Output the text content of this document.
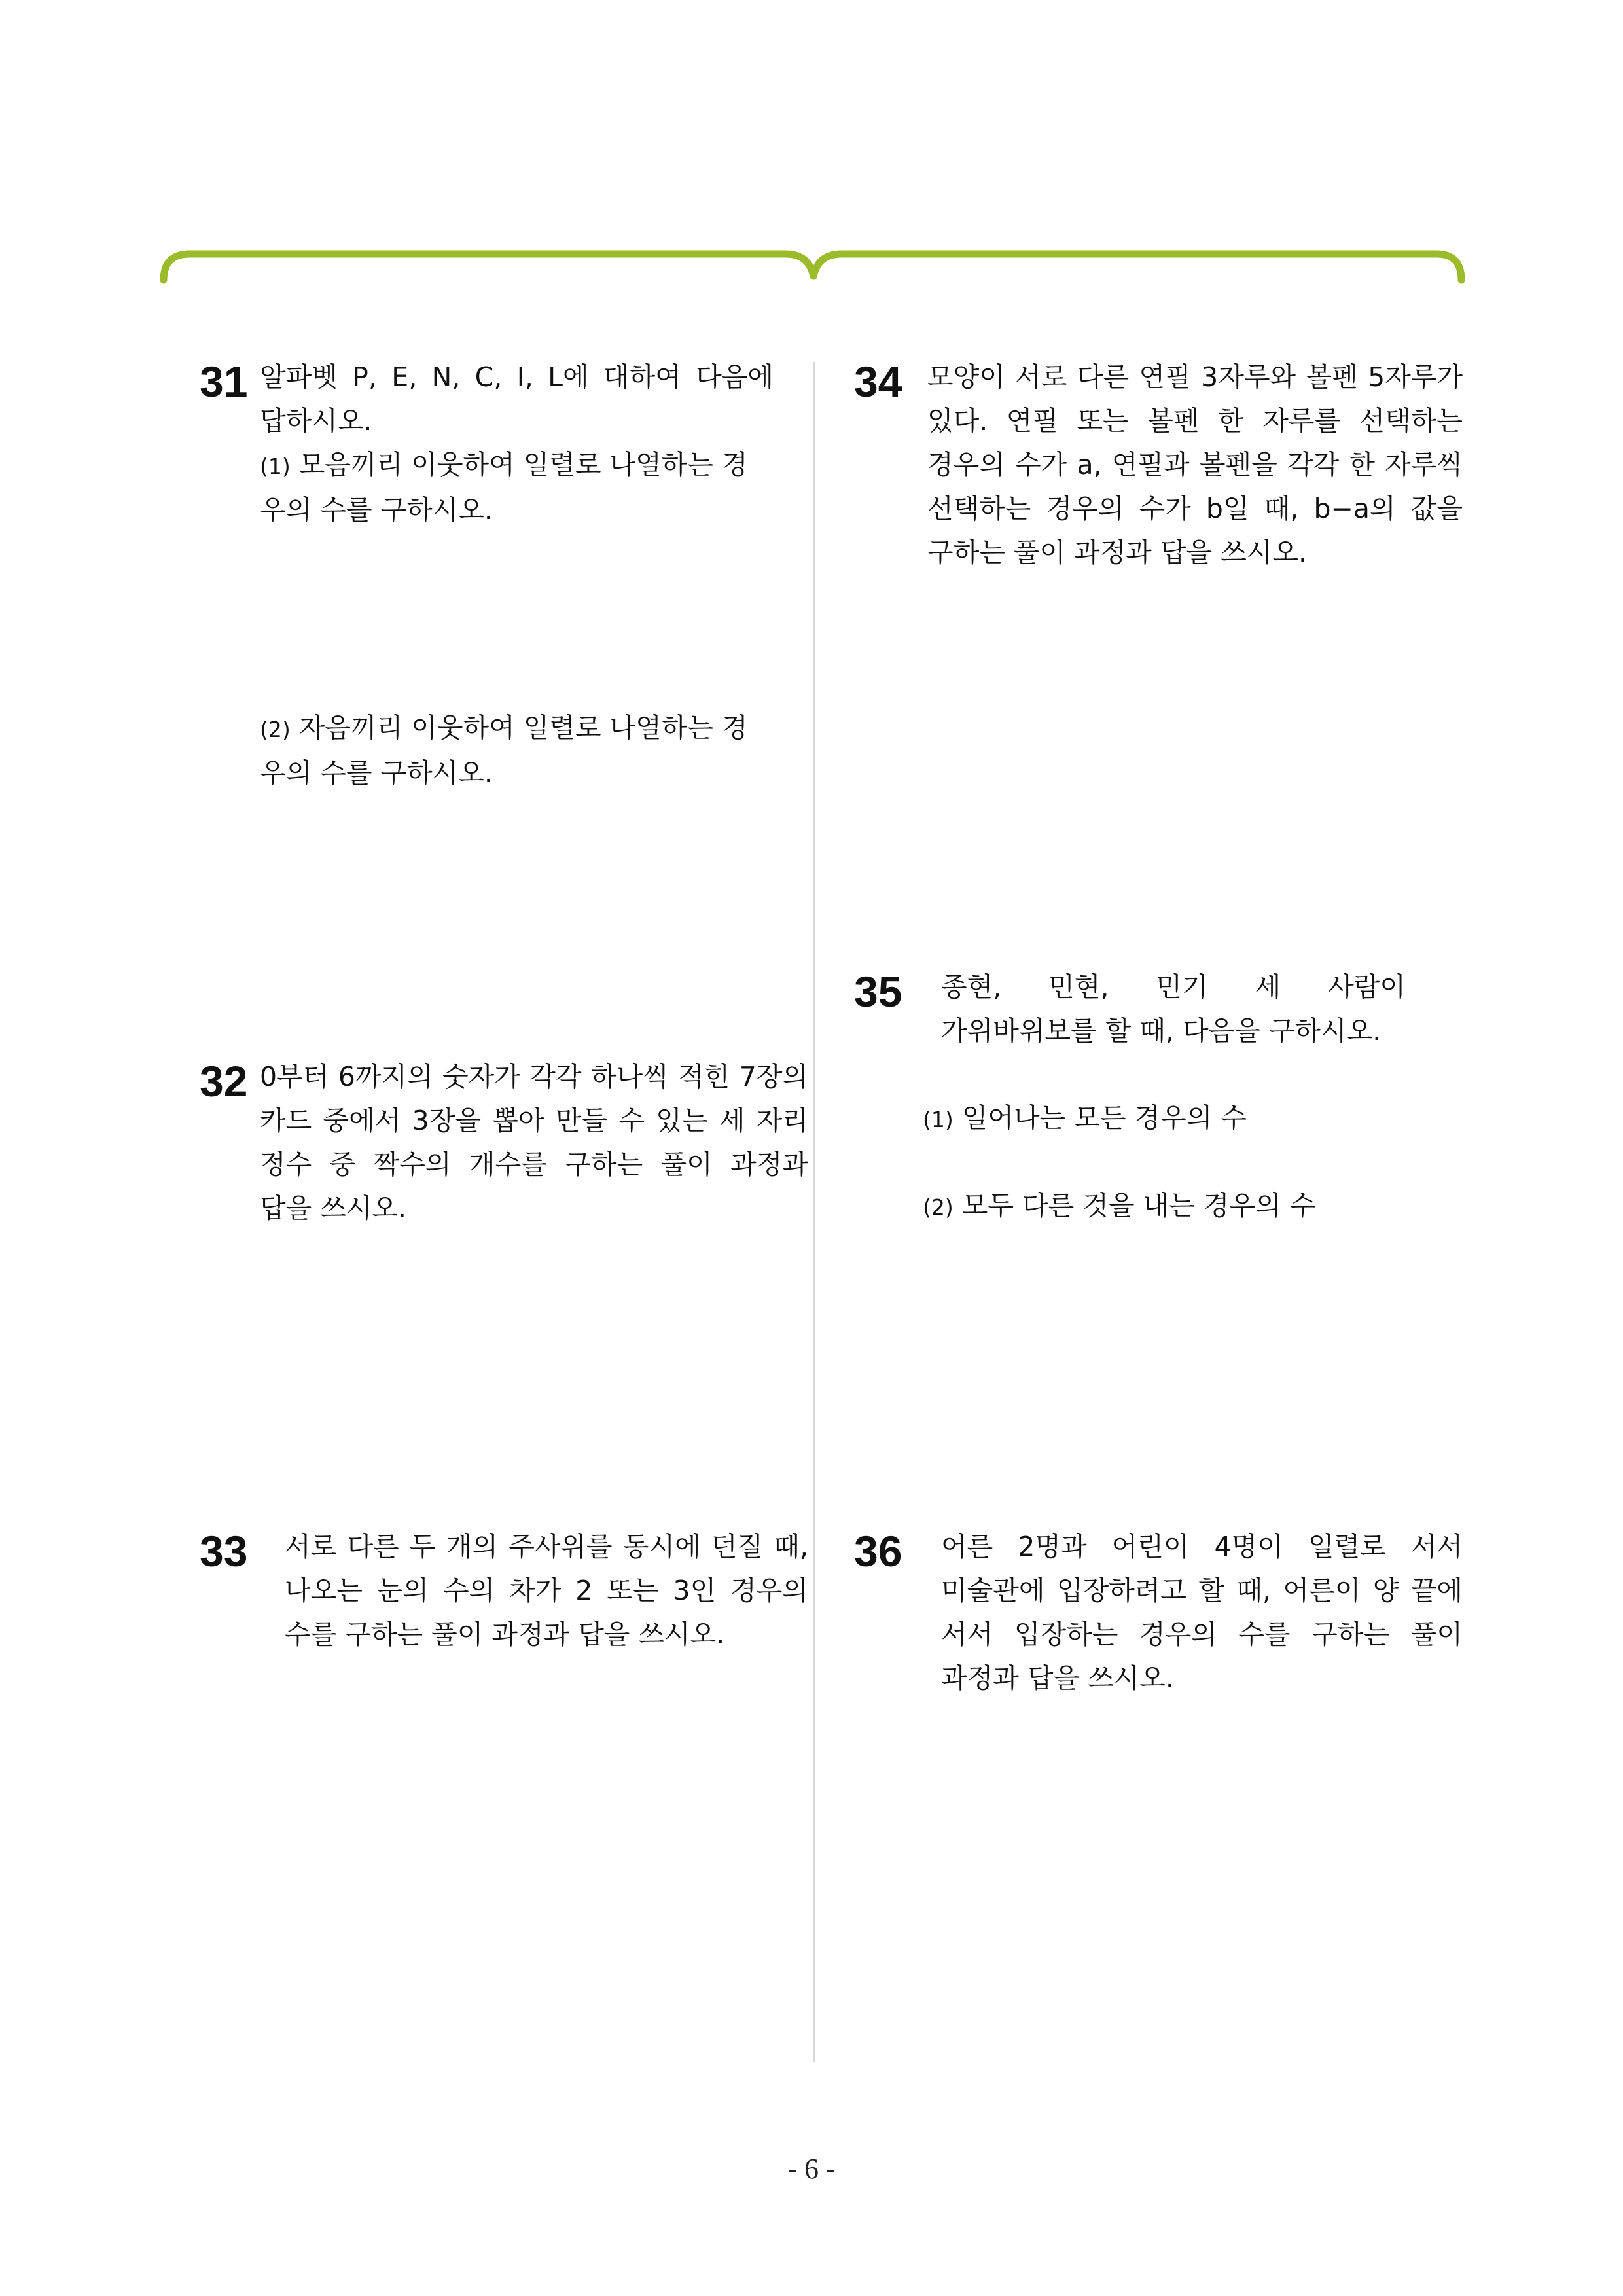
31 알파벳 P, E, N, C, I, L에 대하여 다음에 답하시오.

(1) 모음끼리 이웃하여 일렬로 나열하는 경우의 수를 구하시오.

(2) 자음끼리 이웃하여 일렬로 나열하는 경우의 수를 구하시오.

32 0부터 6까지의 숫자가 각각 하나씩 적힌 7장의 카드 중에서 3장을 뽑아 만들 수 있는 세 자리 정수 중 짝수의 개수를 구하는 풀이 과정과 답을 쓰시오.

33 서로 다른 두 개의 주사위를 동시에 던질 때, 나오는 눈의 수의 차가 2 또는 3인 경우의 수를 구하는 풀이 과정과 답을 쓰시오.

34 모양이 서로 다른 연필 3자루와 볼펜 5자루가 있다. 연필 또는 볼펜 한 자루를 선택하는 경우의 수가 a, 연필과 볼펜을 각각 한 자루씩 선택하는 경우의 수가 b일 때, b−a의 값을 구하는 풀이 과정과 답을 쓰시오.

35 종현, 민현, 민기 세 사람이 가위바위보를 할 때, 다음을 구하시오.

(1) 일어나는 모든 경우의 수
(2) 모두 다른 것을 내는 경우의 수
36 어른 2명과 어린이 4명이 일렬로 서서 미술관에 입장하려고 할 때, 어른이 양 끝에 서서 입장하는 경우의 수를 구하는 풀이 과정과 답을 쓰시오.

- 6 -
